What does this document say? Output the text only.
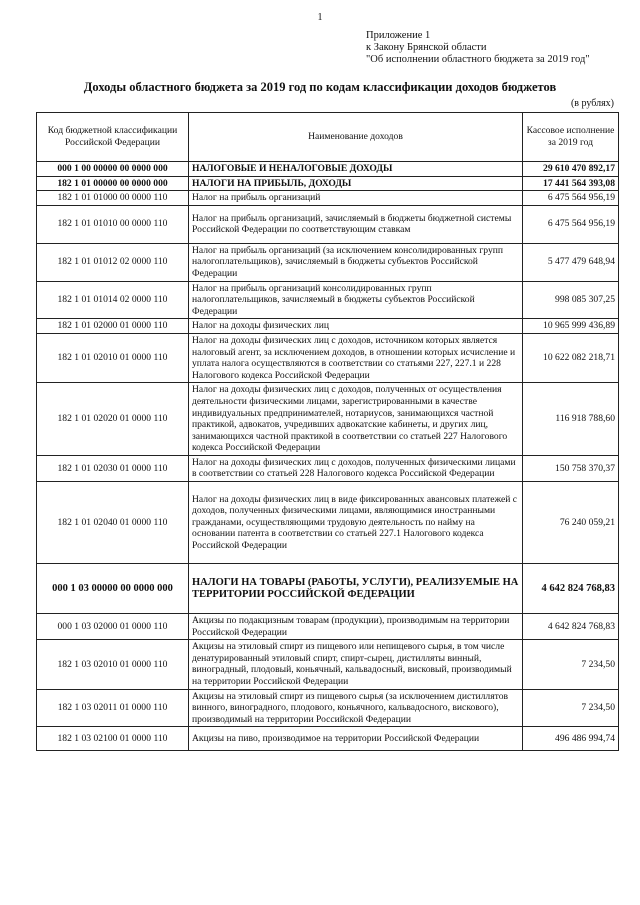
1
Приложение 1
к Закону Брянской области
"Об исполнении областного бюджета за 2019 год"
Доходы областного бюджета за 2019 год по кодам классификации доходов бюджетов
(в рублях)
Код бюджетной классификации Российской Федерации	Наименование доходов	Кассовое исполнение за 2019 год
000 1 00 00000 00 0000 000	НАЛОГОВЫЕ И НЕНАЛОГОВЫЕ ДОХОДЫ	29 610 470 892,17
182 1 01 00000 00 0000 000	НАЛОГИ НА ПРИБЫЛЬ, ДОХОДЫ	17 441 564 393,08
182 1 01 01000 00 0000 110	Налог на прибыль организаций	6 475 564 956,19
182 1 01 01010 00 0000 110	Налог на прибыль организаций, зачисляемый в бюджеты бюджетной системы Российской Федерации по соответствующим ставкам	6 475 564 956,19
182 1 01 01012 02 0000 110	Налог на прибыль организаций (за исключением консолидированных групп налогоплательщиков), зачисляемый в бюджеты субъектов Российской Федерации	5 477 479 648,94
182 1 01 01014 02 0000 110	Налог на прибыль организаций консолидированных групп налогоплательщиков, зачисляемый в бюджеты субъектов Российской Федерации	998 085 307,25
182 1 01 02000 01 0000 110	Налог на доходы физических лиц	10 965 999 436,89
182 1 01 02010 01 0000 110	Налог на доходы физических лиц с доходов, источником которых является налоговый агент, за исключением доходов, в отношении которых исчисление и уплата налога осуществляются в соответствии со статьями 227, 227.1 и 228 Налогового кодекса Российской Федерации	10 622 082 218,71
182 1 01 02020 01 0000 110	Налог на доходы физических лиц с доходов, полученных от осуществления деятельности физическими лицами, зарегистрированными в качестве индивидуальных предпринимателей, нотариусов, занимающихся частной практикой, адвокатов, учредивших адвокатские кабинеты, и других лиц, занимающихся частной практикой в соответствии со статьей 227 Налогового кодекса Российской Федерации	116 918 788,60
182 1 01 02030 01 0000 110	Налог на доходы физических лиц с доходов, полученных физическими лицами в соответствии со статьей 228 Налогового кодекса Российской Федерации	150 758 370,37
182 1 01 02040 01 0000 110	Налог на доходы физических лиц в виде фиксированных авансовых платежей с доходов, полученных физическими лицами, являющимися иностранными гражданами, осуществляющими трудовую деятельность по найму на основании патента в соответствии со статьей 227.1 Налогового кодекса Российской Федерации	76 240 059,21
000 1 03 00000 00 0000 000	НАЛОГИ НА ТОВАРЫ (РАБОТЫ, УСЛУГИ), РЕАЛИЗУЕМЫЕ НА ТЕРРИТОРИИ РОССИЙСКОЙ ФЕДЕРАЦИИ	4 642 824 768,83
000 1 03 02000 01 0000 110	Акцизы по подакцизным товарам (продукции), производимым на территории Российской Федерации	4 642 824 768,83
182 1 03 02010 01 0000 110	Акцизы на этиловый спирт из пищевого или непищевого сырья, в том числе денатурированный этиловый спирт, спирт-сырец, дистилляты винный, виноградный, плодовый, коньячный, кальвадосный, висковый, производимый на территории Российской Федерации	7 234,50
182 1 03 02011 01 0000 110	Акцизы на этиловый спирт из пищевого сырья (за исключением дистиллятов винного, виноградного, плодового, коньячного, кальвадосного, вискового), производимый на территории Российской Федерации	7 234,50
182 1 03 02100 01 0000 110	Акцизы на пиво, производимое на территории Российской Федерации	496 486 994,74
